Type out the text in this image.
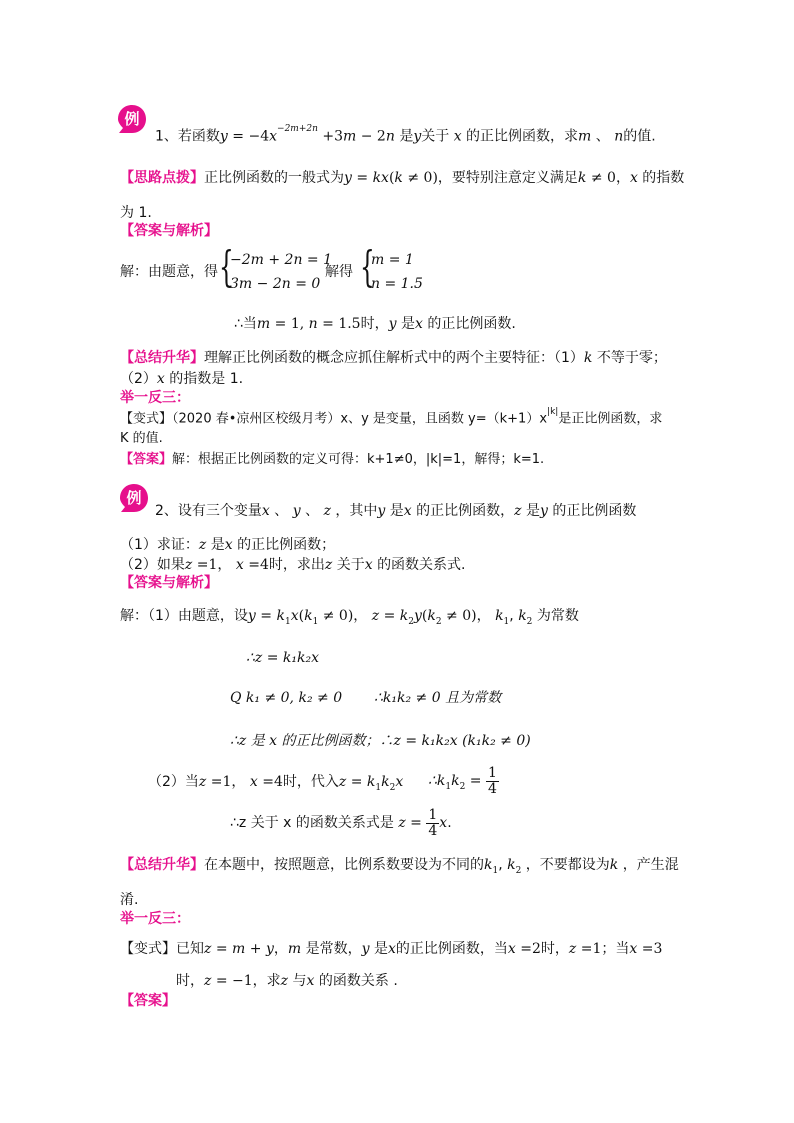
例
1、若函数$y = -4x^{-2m+2n} +3m - 2n$ 是y关于 x 的正比例函数，求m 、 n的值.
【思路点拨】正比例函数的一般式为y = kx(k ≠ 0)，要特别注意定义满足k ≠ 0，x 的指数
为 1.
【答案与解析】
解：由题意，得 {
−2m + 2n = 1
3m − 2n = 0
解得 {
m = 1
n = 1.5
∴当m = 1, n = 1.5时，y 是x 的正比例函数.
【总结升华】理解正比例函数的概念应抓住解析式中的两个主要特征：（1）k 不等于零；
（2）x 的指数是 1.
举一反三：
【变式】（2020 春•凉州区校级月考）x、y 是变量，且函数 $y=(k+1)x^{|k|}$是正比例函数，求
K 的值.
【答案】解：根据正比例函数的定义可得：k+1≠0，|k|=1，解得；k=1.
例
2、设有三个变量x 、 y 、 z ，其中y 是x 的正比例函数，z 是y 的正比例函数
（1）求证：z 是x 的正比例函数；
（2）如果z =1， x =4时，求出z 关于x 的函数关系式.
【答案与解析】
解：（1）由题意，设$y = k_1x(k_1 \ne 0)$， $z = k_2y(k_2 \ne 0)$， $k_1$, $k_2$ 为常数
∴z = k₁k₂x
Q k₁ ≠ 0, k₂ ≠ 0 ∴k₁k₂ ≠ 0 且为常数
∴z 是 x 的正比例函数；∴z = k₁k₂x (k₁k₂ ≠ 0)
（2）当z =1， x =4时，代入$z = k_1k_2x$ $\therefore k_1k_2 = \frac{1}{4}$
∴z 关于 x 的函数关系式是 $z = \frac{1}{4} x$.
【总结升华】在本题中，按照题意，比例系数要设为不同的$k_1$, $k_2$ ，不要都设为k ，产生混
淆.
举一反三：
【变式】已知z = m + y，m 是常数，y 是x的正比例函数，当x =2时，z =1；当x =3
时，z = −1，求z 与x 的函数关系 .
【答案】
